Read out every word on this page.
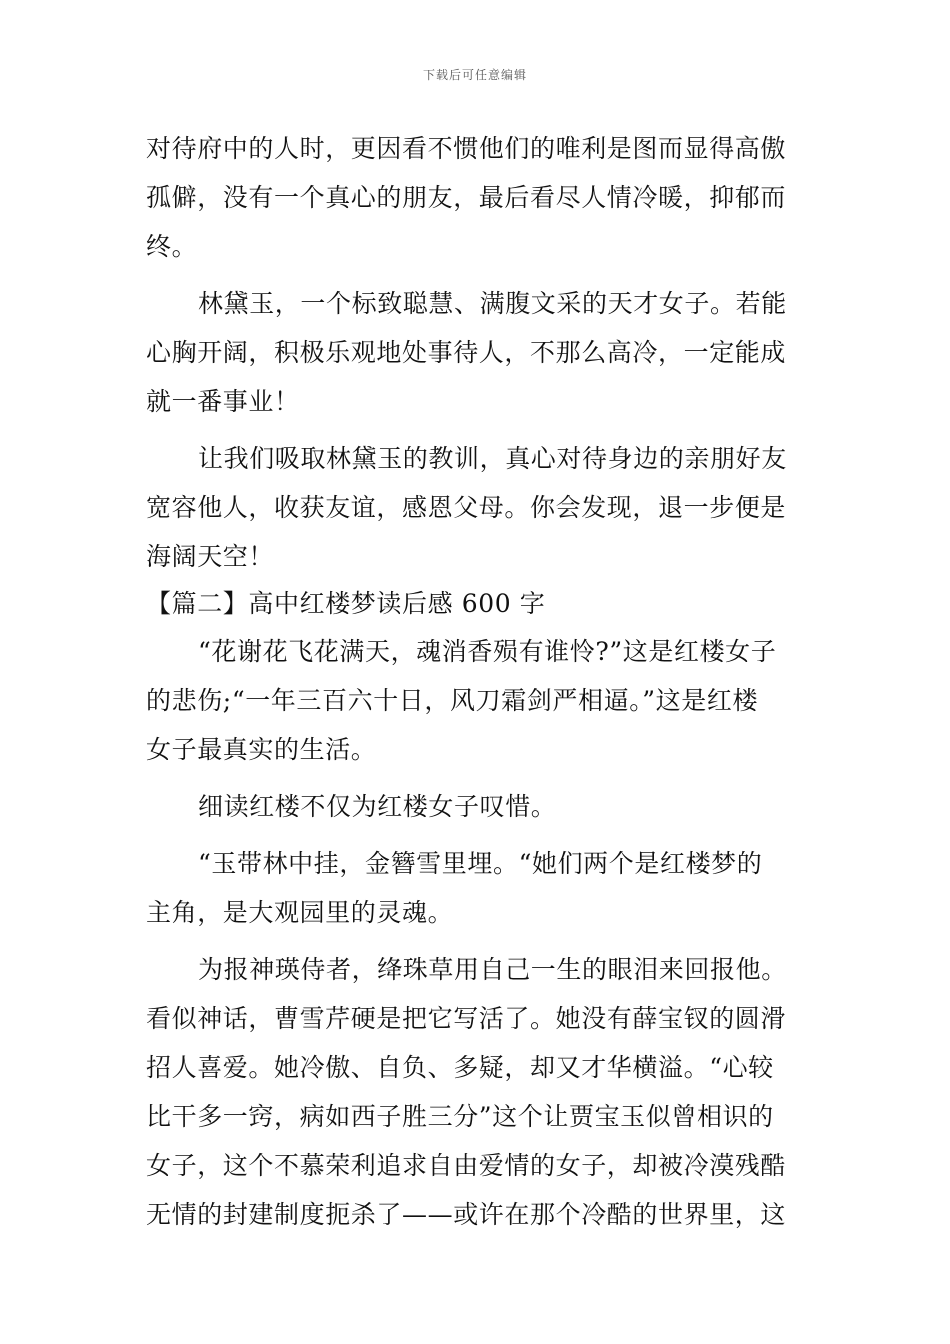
下载后可任意编辑
对待府中的人时，更因看不惯他们的唯利是图而显得高傲
孤僻，没有一个真心的朋友，最后看尽人情冷暖，抑郁而
终。
林黛玉，一个标致聪慧、满腹文采的天才女子。若能
心胸开阔，积极乐观地处事待人，不那么高冷，一定能成
就一番事业！
让我们吸取林黛玉的教训，真心对待身边的亲朋好友
宽容他人，收获友谊，感恩父母。你会发现，退一步便是
海阔天空！
【篇二】高中红楼梦读后感 600 字
“花谢花飞花满天，魂消香殒有谁怜?”这是红楼女子
的悲伤;“一年三百六十日，风刀霜剑严相逼。”这是红楼
女子最真实的生活。
细读红楼不仅为红楼女子叹惜。
“玉带林中挂，金簪雪里埋。“她们两个是红楼梦的
主角，是大观园里的灵魂。
为报神瑛侍者，绛珠草用自己一生的眼泪来回报他。
看似神话，曹雪芹硬是把它写活了。她没有薛宝钗的圆滑
招人喜爱。她冷傲、自负、多疑，却又才华横溢。“心较
比干多一窍，病如西子胜三分”这个让贾宝玉似曾相识的
女子，这个不慕荣利追求自由爱情的女子，却被冷漠残酷
无情的封建制度扼杀了——或许在那个冷酷的世界里，这
